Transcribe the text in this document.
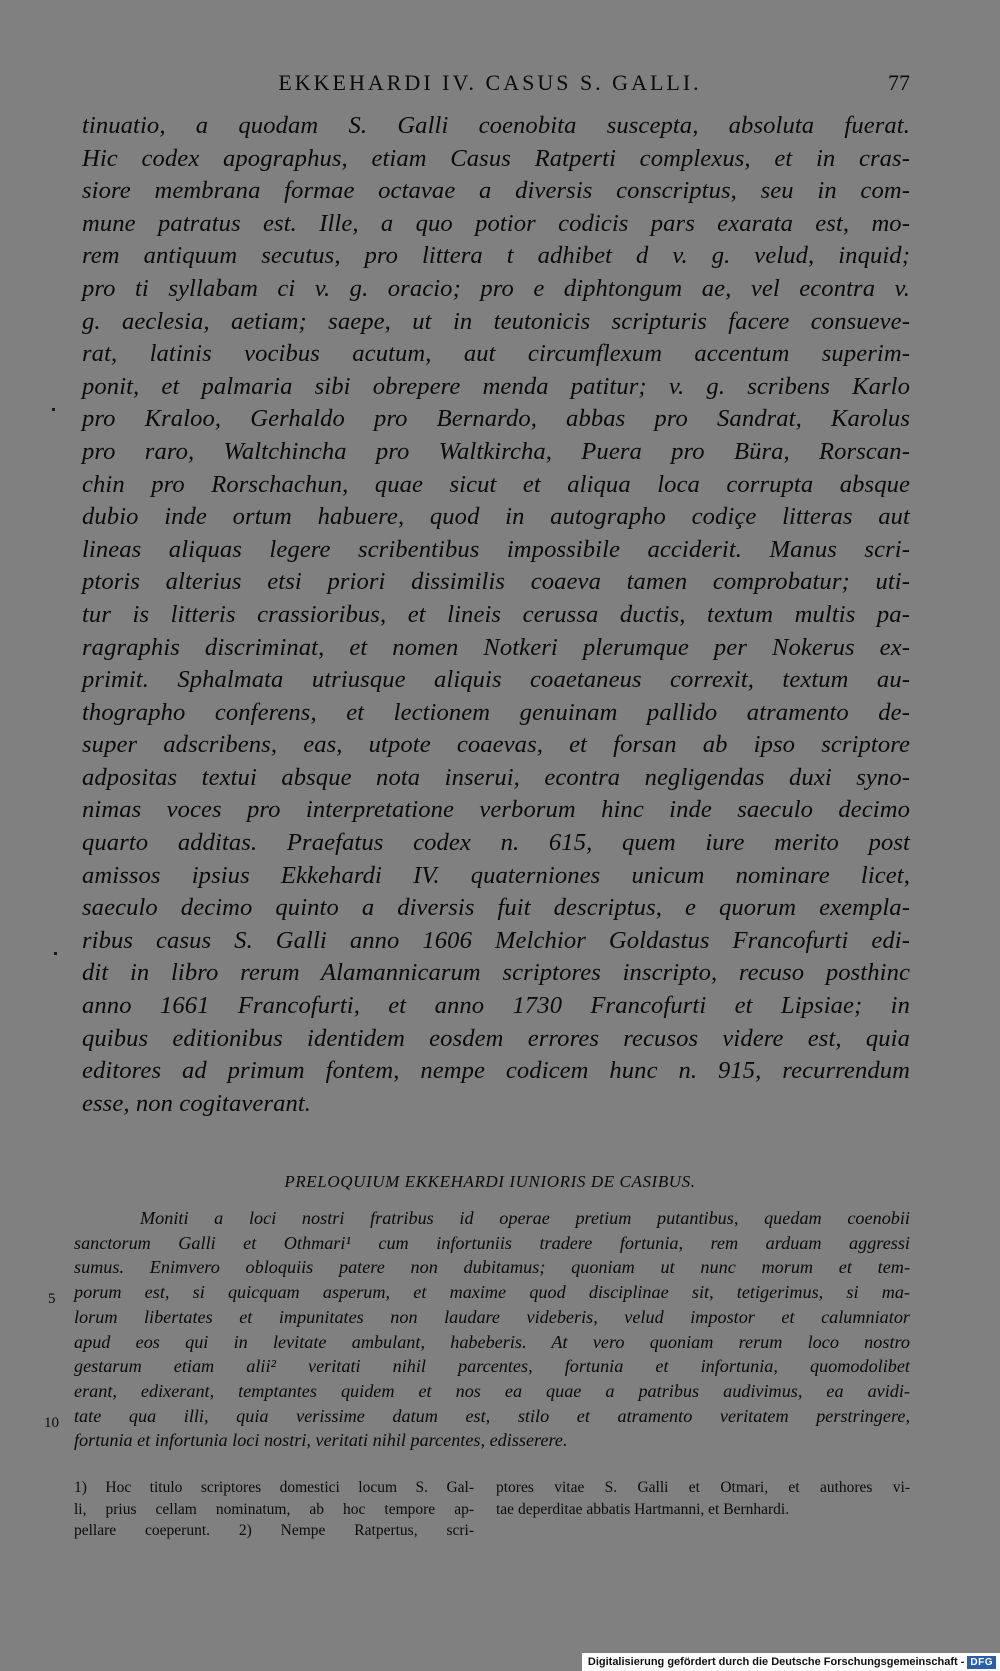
EKKEHARDI IV. CASUS S. GALLI.	77
tinuatio, a quodam S. Galli coenobita suscepta, absoluta fuerat.
Hic codex apographus, etiam Casus Ratperti complexus, et in cras-
siore membrana formae octavae a diversis conscriptus, seu in com-
mune patratus est. Ille, a quo potior codicis pars exarata est, mo-
rem antiquum secutus, pro littera t adhibet d v. g. velud, inquid;
pro ti syllabam ci v. g. oracio; pro e diphtongum ae, vel econtra v.
g. aeclesia, aetiam; saepe, ut in teutonicis scripturis facere consueve-
rat, latinis vocibus acutum, aut circumflexum accentum superim-
ponit, et palmaria sibi obrepere menda patitur; v. g. scribens Karlo
pro Kraloo, Gerhaldo pro Bernardo, abbas pro Sandrat, Karolus
pro raro, Waltchincha pro Waltkircha, Puera pro Büra, Rorscan-
chin pro Rorschachun, quae sicut et aliqua loca corrupta absque
dubio inde ortum habuere, quod in autographo codiçe litteras aut
lineas aliquas legere scribentibus impossibile acciderit. Manus scri-
ptoris alterius etsi priori dissimilis coaeva tamen comprobatur; uti-
tur is litteris crassioribus, et lineis cerussa ductis, textum multis pa-
ragraphis discriminat, et nomen Notkeri plerumque per Nokerus ex-
primit. Sphalmata utriusque aliquis coaetaneus correxit, textum au-
thographo conferens, et lectionem genuinam pallido atramento de-
super adscribens, eas, utpote coaevas, et forsan ab ipso scriptore
adpositas textui absque nota inserui, econtra negligendas duxi syno-
nimas voces pro interpretatione verborum hinc inde saeculo decimo
quarto additas. Praefatus codex n. 615, quem iure merito post
amissos ipsius Ekkehardi IV. quaterniones unicum nominare licet,
saeculo decimo quinto a diversis fuit descriptus, e quorum exempla-
ribus casus S. Galli anno 1606 Melchior Goldastus Francofurti edi-
dit in libro rerum Alamannicarum scriptores inscripto, recuso posthinc
anno 1661 Francofurti, et anno 1730 Francofurti et Lipsiae; in
quibus editionibus identidem eosdem errores recusos videre est, quia
editores ad primum fontem, nempe codicem hunc n. 915, recurrendum
esse, non cogitaverant.
PRELOQUIUM EKKEHARDI IUNIORIS DE CASIBUS.
Moniti a loci nostri fratribus id operae pretium putantibus, quedam coenobii
sanctorum Galli et Othmari¹ cum infortuniis tradere fortunia, rem arduam aggressi
sumus. Enimvero obloquiis patere non dubitamus; quoniam ut nunc morum et tem-
porum est, si quicquam asperum, et maxime quod disciplinae sit, tetigerimus, si ma-
lorum libertates et impunitates non laudare videberis, velud impostor et calumniator
apud eos qui in levitate ambulant, habeberis. At vero quoniam rerum loco nostro
gestarum etiam alii² veritati nihil parcentes, fortunia et infortunia, quomodolibet
erant, edixerant, temptantes quidem et nos ea quae a patribus audivimus, ea avidi-
tate qua illi, quia verissime datum est, stilo et atramento veritatem perstringere,
fortunia et infortunia loci nostri, veritati nihil parcentes, edisserere.
5
10
1) Hoc titulo scriptores domestici locum S. Gal-
li, prius cellam nominatum, ab hoc tempore ap-
pellare coeperunt. 2) Nempe Ratpertus, scri-
ptores vitae S. Galli et Otmari, et authores vi-
tae deperditae abbatis Hartmanni, et Bernhardi.
Digitalisierung gefördert durch die Deutsche Forschungsgemeinschaft - DFG
